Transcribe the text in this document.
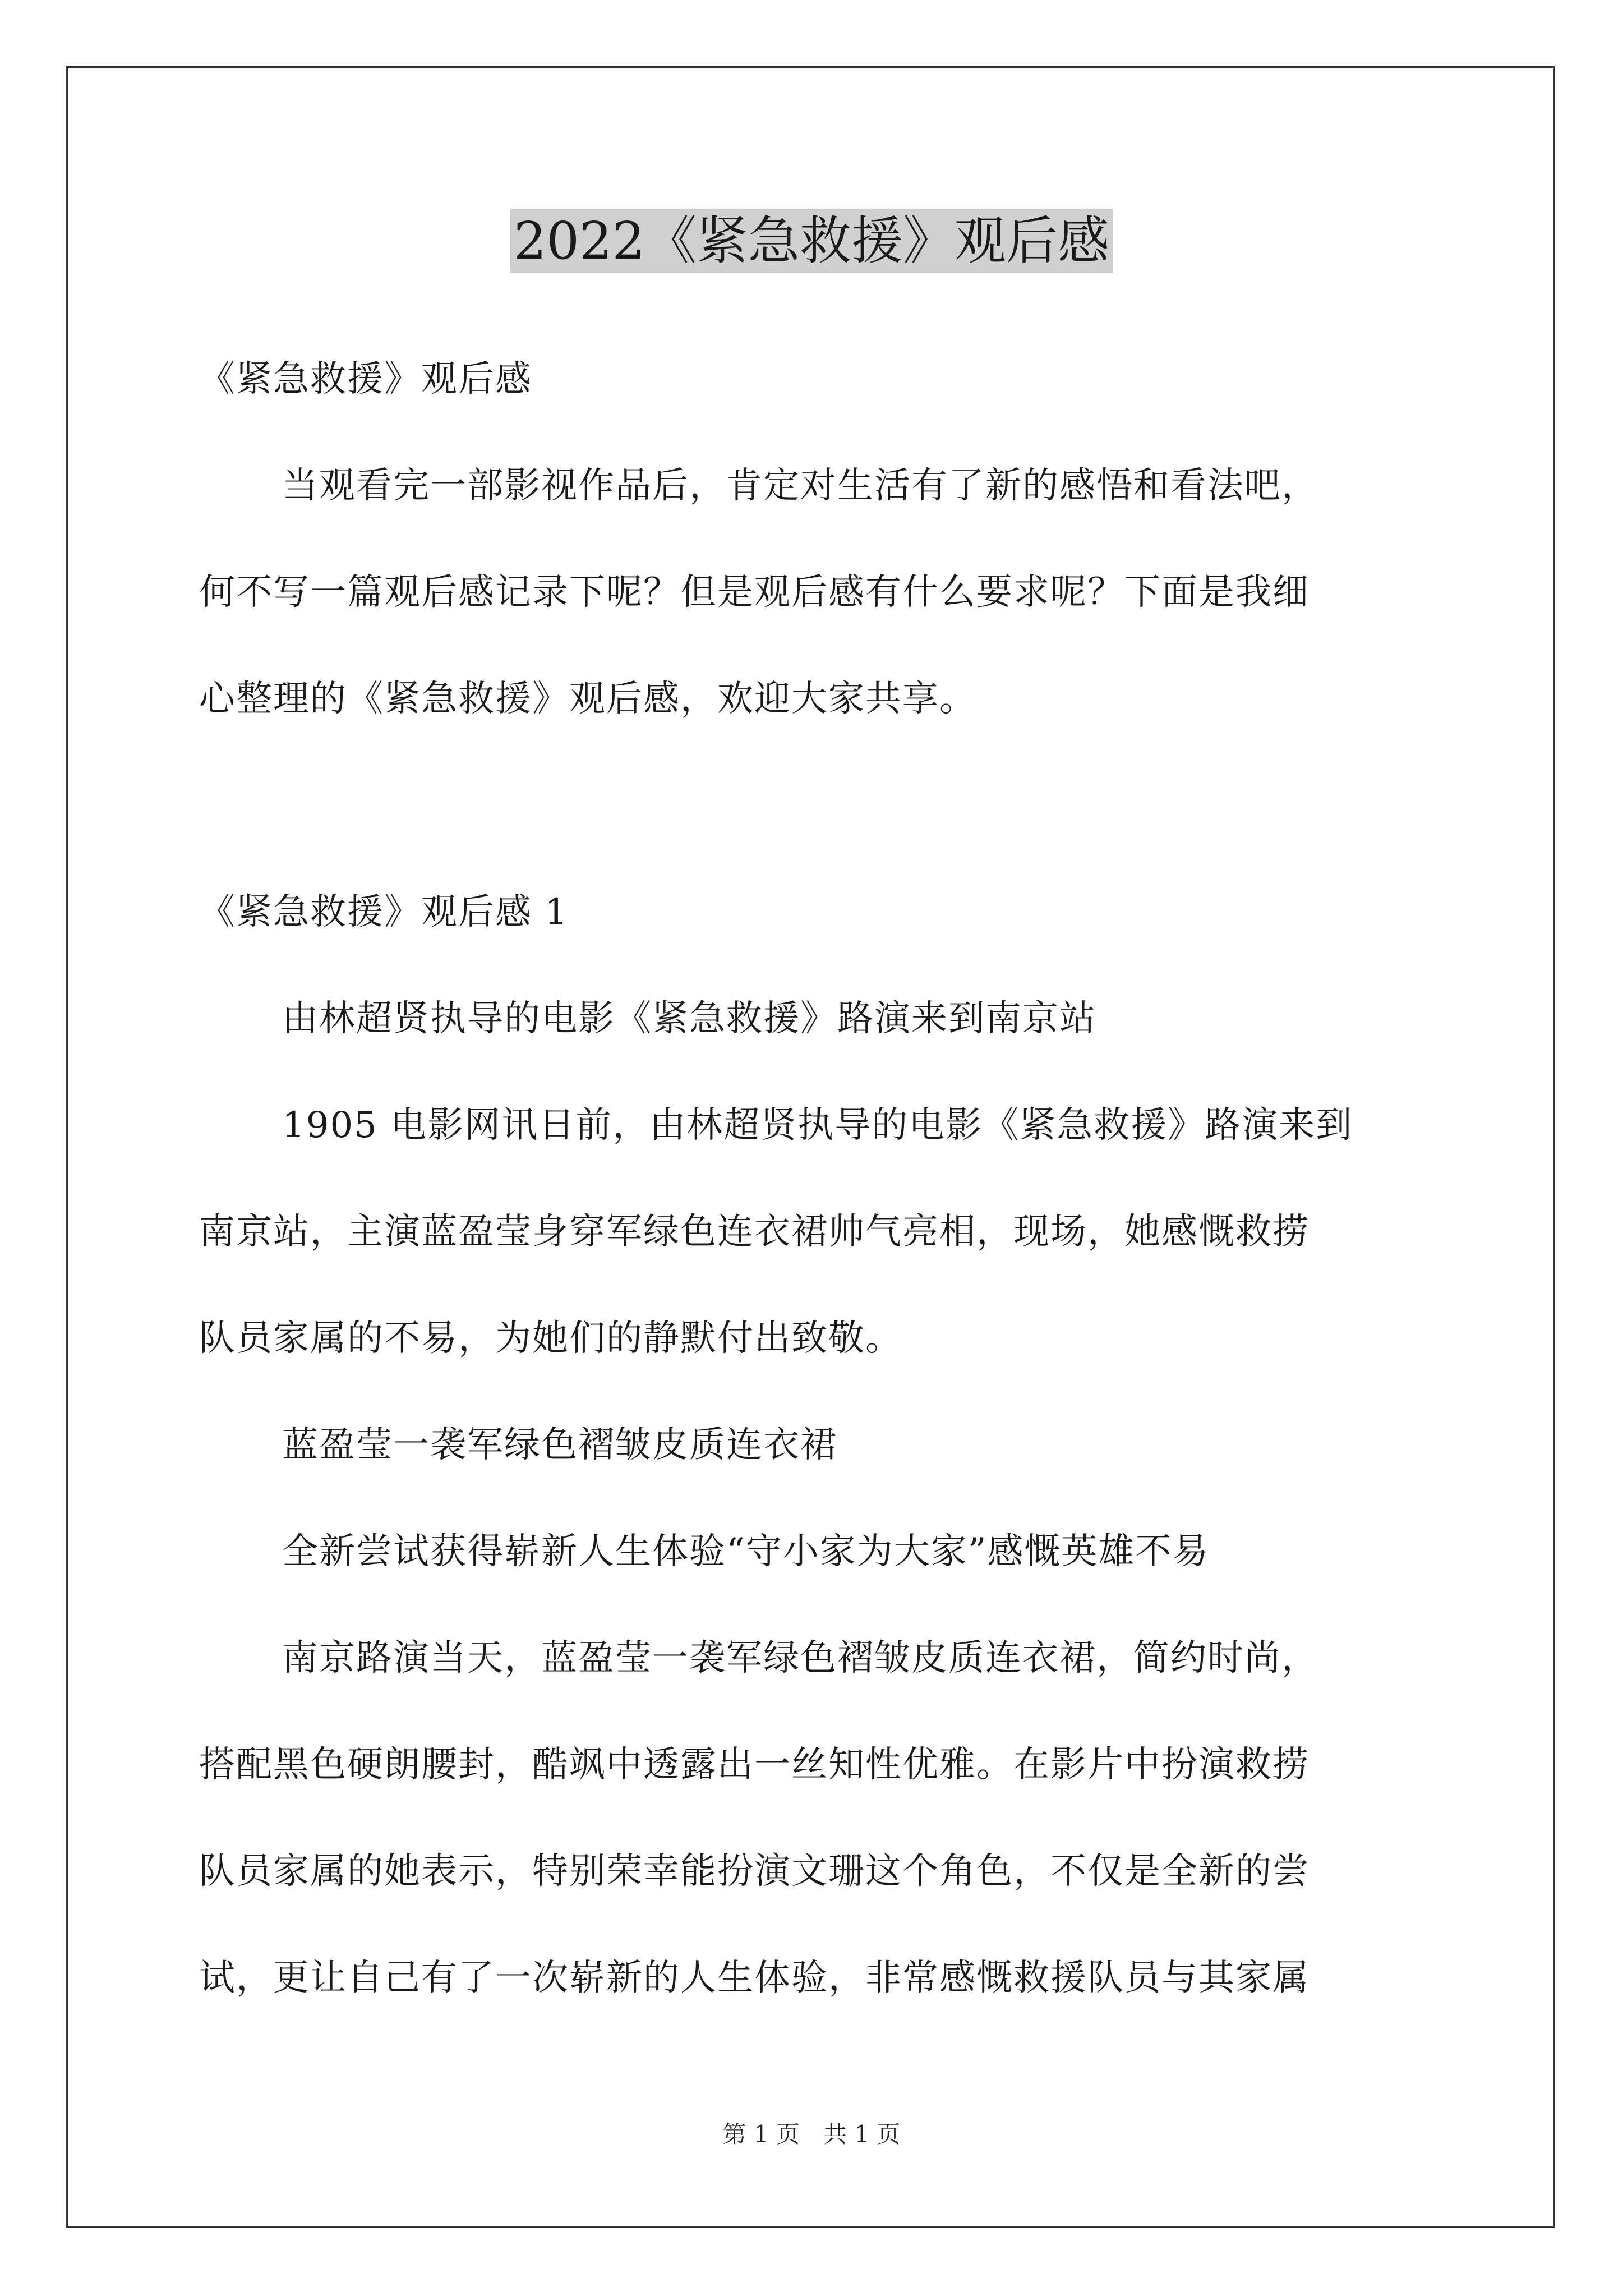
2022《紧急救援》观后感
《紧急救援》观后感
当观看完一部影视作品后，肯定对生活有了新的感悟和看法吧，
何不写一篇观后感记录下呢？但是观后感有什么要求呢？下面是我细
心整理的《紧急救援》观后感，欢迎大家共享。
《紧急救援》观后感 1
由林超贤执导的电影《紧急救援》路演来到南京站
1905 电影网讯日前，由林超贤执导的电影《紧急救援》路演来到
南京站，主演蓝盈莹身穿军绿色连衣裙帅气亮相，现场，她感慨救捞
队员家属的不易，为她们的静默付出致敬。
蓝盈莹一袭军绿色褶皱皮质连衣裙
全新尝试获得崭新人生体验“守小家为大家”感慨英雄不易
南京路演当天，蓝盈莹一袭军绿色褶皱皮质连衣裙，简约时尚，
搭配黑色硬朗腰封，酷飒中透露出一丝知性优雅。在影片中扮演救捞
队员家属的她表示，特别荣幸能扮演文珊这个角色，不仅是全新的尝
试，更让自己有了一次崭新的人生体验，非常感慨救援队员与其家属
第 1 页　共 1 页
